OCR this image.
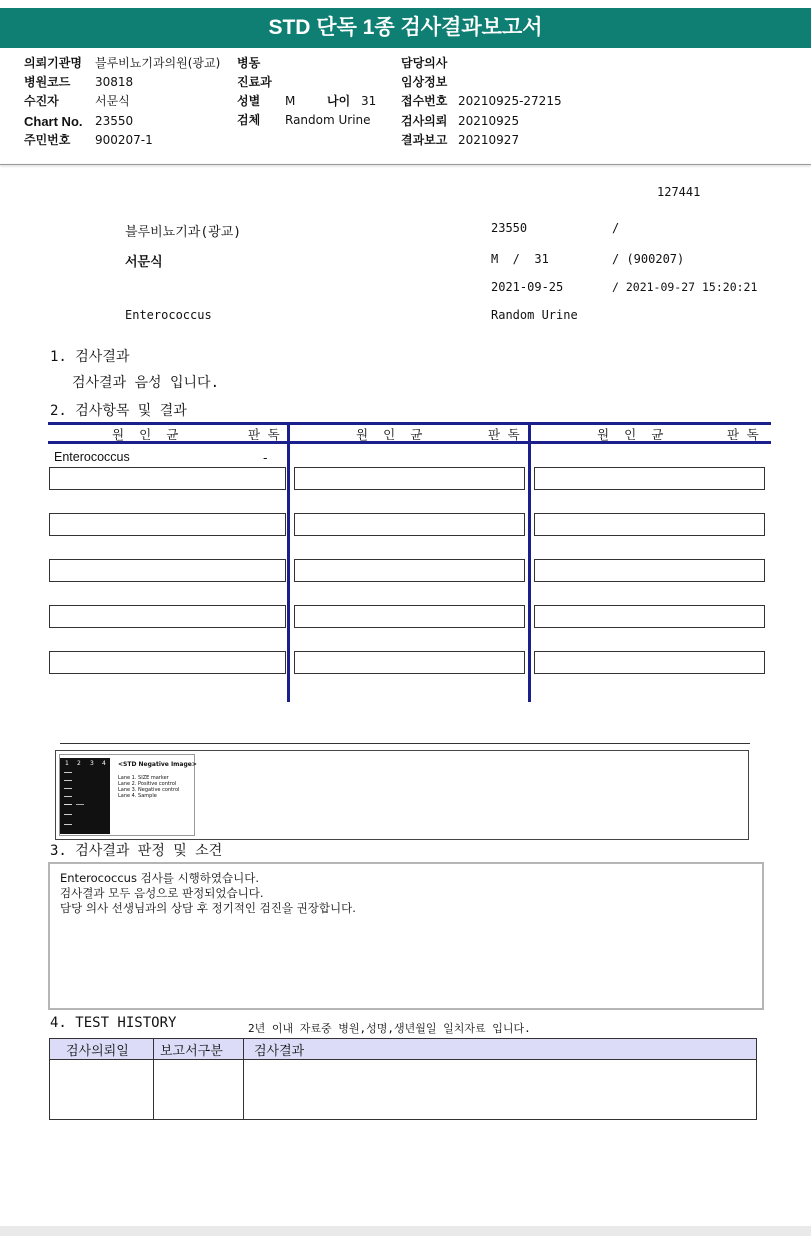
STD 단독 1종 검사결과보고서
의뢰기관명 블루비뇨기과의원(광교) 병동	담당의사
병원코드 30818	진료과	임상정보
수진자	서문식	성별 M	나이 31 접수번호 20210925-27215
Chart No. 23550	검체 Random Urine	검사의뢰 20210925
주민번호 900207-1	결과보고 20210927
127441
블루비뇨기과(광교)	23550	/
서문식	M  /  31	/ (900207)
2021-09-25	/ 2021-09-27 15:20:21
Enterococcus	Random Urine
1. 검사결과
검사결과 음성 입니다.
2. 검사항목 및 결과
원  인  균	판 독	원  인  균	판 독	원  인  균	판 독
Enterococcus	-
1 2 3 4 <STD Negative Image>
Lane 1. SIZE marker
Lane 2. Positive control
Lane 3. Negative control
Lane 4. Sample
3. 검사결과 판정 및 소견
Enterococcus 검사를 시행하였습니다.
검사결과 모두 음성으로 판정되었습니다.
담당 의사 선생님과의 상담 후 정기적인 검진을 권장합니다.
4. TEST HISTORY	2년 이내 자료중 병원,성명,생년월일 일치자료 입니다.
검사의뢰일 보고서구분 검사결과
